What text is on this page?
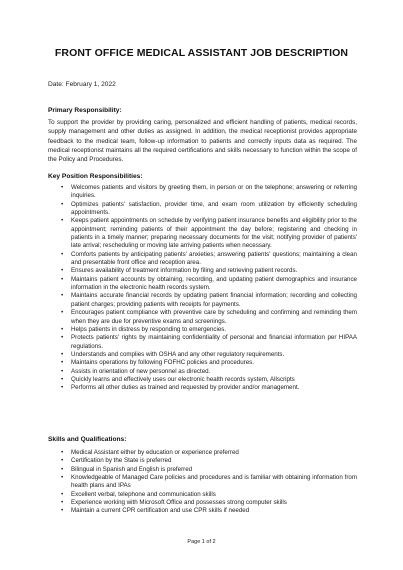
FRONT OFFICE MEDICAL ASSISTANT JOB DESCRIPTION
Date: February 1, 2022
Primary Responsibility:

To support the provider by providing caring, personalized and efficient handling of patients, medical records, supply management and other duties as assigned. In addition, the medical receptionist provides appropriate feedback to the medical team, follow-up information to patients and correctly inputs data as required. The medical receptionist maintains all the required certifications and skills necessary to function within the scope of the Policy and Procedures.

Key Position Responsibilities:
• Welcomes patients and visitors by greeting them, in person or on the telephone; answering or referring inquiries.
• Optimizes patients' satisfaction, provider time, and exam room utilization by efficiently scheduling appointments.
• Keeps patient appointments on schedule by verifying patient insurance benefits and eligibility prior to the appointment; reminding patients of their appointment the day before; registering and checking in patients in a timely manner; preparing necessary documents for the visit; notifying provider of patients' late arrival; rescheduling or moving late arriving patients when necessary.
• Comforts patients by anticipating patients' anxieties; answering patients' questions; maintaining a clean and presentable front office and reception area.
• Ensures availability of treatment information by filing and retrieving patient records.
• Maintains patient accounts by obtaining, recording, and updating patient demographics and insurance information in the electronic health records system.
• Maintains accurate financial records by updating patient financial information; recording and collecting patient charges; providing patients with receipts for payments.
• Encourages patient compliance with preventive care by scheduling and confirming and reminding them when they are due for preventive exams and screenings.
• Helps patients in distress by responding to emergencies.
• Protects patients' rights by maintaining confidentiality of personal and financial information per HIPAA regulations.
• Understands and complies with OSHA and any other regulatory requirements.
• Maintains operations by following FOFHC policies and procedures.
• Assists in orientation of new personnel as directed.
• Quickly learns and effectively uses our electronic health records system, Allscripts
• Performs all other duties as trained and requested by provider and/or management.
Skills and Qualifications:
• Medical Assistant either by education or experience preferred
• Certification by the State is preferred
• Bilingual in Spanish and English is preferred
• Knowledgeable of Managed Care policies and procedures and is familiar with obtaining information from health plans and IPAs
• Excellent verbal, telephone and communication skills
• Experience working with Microsoft Office and possesses strong computer skills
• Maintain a current CPR certification and use CPR skills if needed
Page 1 of 2
